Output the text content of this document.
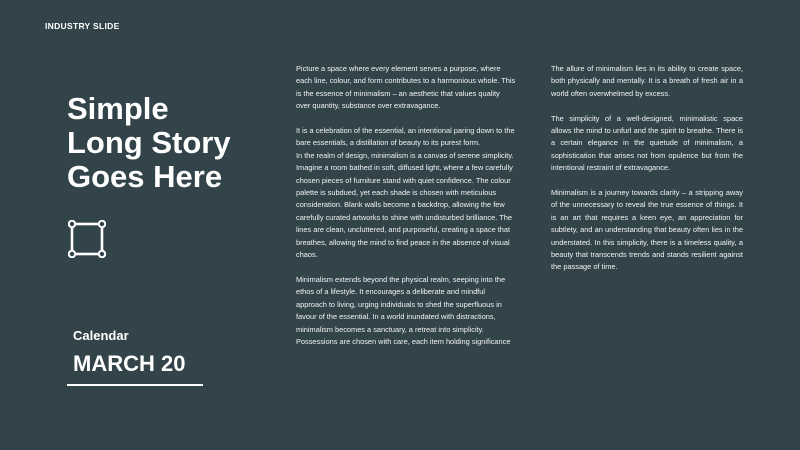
INDUSTRY SLIDE
Simple
Long Story
Goes Here
Calendar
MARCH 20

Picture a space where every element serves a purpose, where each line, colour, and form contributes to a harmonious whole. This is the essence of minimalism – an aesthetic that values quality over quantity, substance over extravagance.

It is a celebration of the essential, an intentional paring down to the bare essentials, a distillation of beauty to its purest form.

In the realm of design, minimalism is a canvas of serene simplicity. Imagine a room bathed in soft, diffused light, where a few carefully chosen pieces of furniture stand with quiet confidence. The colour palette is subdued, yet each shade is chosen with meticulous consideration. Blank walls become a backdrop, allowing the few carefully curated artworks to shine with undisturbed brilliance. The lines are clean, uncluttered, and purposeful, creating a space that breathes, allowing the mind to find peace in the absence of visual chaos.

Minimalism extends beyond the physical realm, seeping into the ethos of a lifestyle. It encourages a deliberate and mindful approach to living, urging individuals to shed the superfluous in favour of the essential. In a world inundated with distractions, minimalism becomes a sanctuary, a retreat into simplicity. Possessions are chosen with care, each item holding significance

The allure of minimalism lies in its ability to create space, both physically and mentally. It is a breath of fresh air in a world often overwhelmed by excess.

The simplicity of a well-designed, minimalistic space allows the mind to unfurl and the spirit to breathe. There is a certain elegance in the quietude of minimalism, a sophistication that arises not from opulence but from the intentional restraint of extravagance.

Minimalism is a journey towards clarity – a stripping away of the unnecessary to reveal the true essence of things. It is an art that requires a keen eye, an appreciation for subtlety, and an understanding that beauty often lies in the understated. In this simplicity, there is a timeless quality, a beauty that transcends trends and stands resilient against the passage of time.
